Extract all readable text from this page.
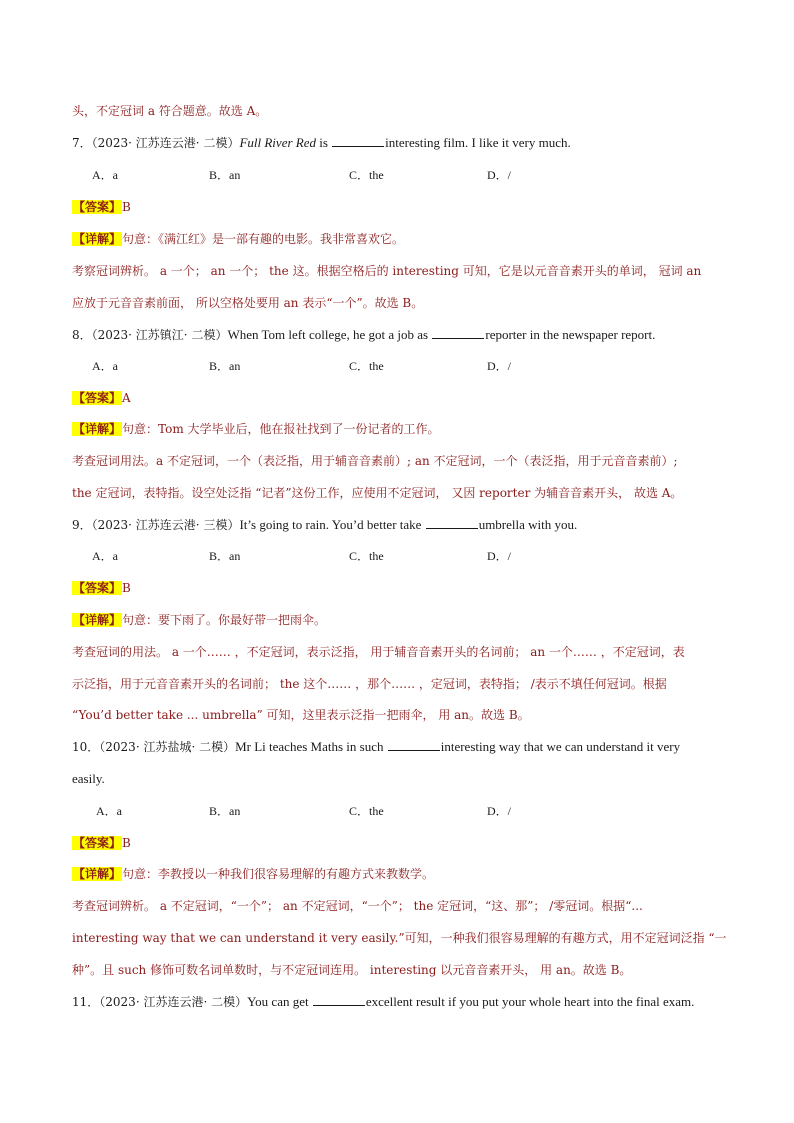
头，不定冠词 a 符合题意。故选 A。
7．（2023· 江苏连云港· 二模）Full River Red is	interesting film. I like it very much.
A．a	B．an	C．the	D．/
【答案】B
【详解】句意：《满江红》是一部有趣的电影。我非常喜欢它。
考察冠词辨析。 a 一个； an 一个； the 这。根据空格后的 interesting 可知，它是以元音音素开头的单词， 冠词 an
应放于元音音素前面， 所以空格处要用 an 表示“一个”。故选 B。
8．（2023· 江苏镇江· 二模）When Tom left college, he got a job as	reporter in the newspaper report.
A．a	B．an	C．the	D．/
【答案】A
【详解】句意：Tom 大学毕业后，他在报社找到了一份记者的工作。
考查冠词用法。a 不定冠词，一个（表泛指，用于辅音音素前）; an 不定冠词，一个（表泛指，用于元音音素前）;
the 定冠词，表特指。设空处泛指 “记者”这份工作，应使用不定冠词， 又因 reporter 为辅音音素开头， 故选 A。
9．（2023· 江苏连云港· 三模）It’s going to rain. You’d better take	umbrella with you.
A．a	B．an	C．the	D．/
【答案】B
【详解】句意：要下雨了。你最好带一把雨伞。
考查冠词的用法。 a 一个…… ，不定冠词，表示泛指， 用于辅音音素开头的名词前； an 一个…… ，不定冠词，表
示泛指，用于元音音素开头的名词前； the 这个…… ，那个…… ，定冠词，表特指； /表示不填任何冠词。根据
“You’d better take ... umbrella” 可知，这里表示泛指一把雨伞， 用 an。故选 B。
10．（2023· 江苏盐城· 二模）Mr Li teaches Maths in such	interesting way that we can understand it very
easily.
A．a	B．an	C．the	D．/
【答案】B
【详解】句意：李教授以一种我们很容易理解的有趣方式来教数学。
考查冠词辨析。 a 不定冠词，“一个”； an 不定冠词，“一个”； the 定冠词，“这、那”； /零冠词。根据“...
interesting way that we can understand it very easily.”可知，一种我们很容易理解的有趣方式，用不定冠词泛指 “一
种”。且 such 修饰可数名词单数时，与不定冠词连用。 interesting 以元音音素开头， 用 an。故选 B。
11．（2023· 江苏连云港· 二模）You can get	excellent result if you put your whole heart into the final exam.
